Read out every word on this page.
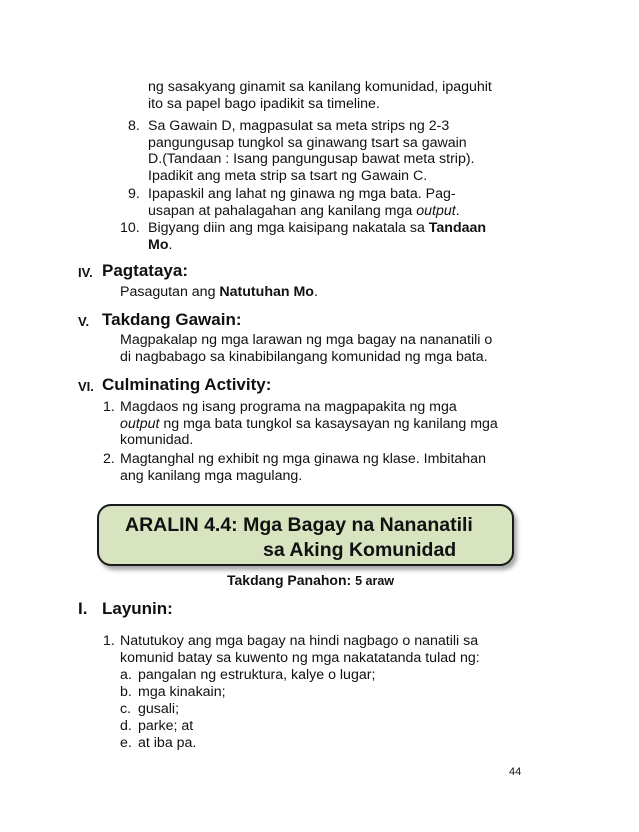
ng sasakyang ginamit sa kanilang komunidad, ipaguhit
ito sa papel bago ipadikit sa timeline.
8. Sa Gawain D, magpasulat sa meta strips ng 2-3
pangungusap tungkol sa ginawang tsart sa gawain
D.(Tandaan : Isang pangungusap bawat meta strip).
Ipadikit ang meta strip sa tsart ng Gawain C.
9. Ipapaskil ang lahat ng ginawa ng mga bata. Pag-
usapan at pahalagahan ang kanilang mga output.
10. Bigyang diin ang mga kaisipang nakatala sa Tandaan
Mo.
IV. Pagtataya:
Pasagutan ang Natutuhan Mo.
V. Takdang Gawain:
Magpakalap ng mga larawan ng mga bagay na nananatili o
di nagbabago sa kinabibilangang komunidad ng mga bata.
VI. Culminating Activity:
1. Magdaos ng isang programa na magpapakita ng mga
output ng mga bata tungkol sa kasaysayan ng kanilang mga
komunidad.
2. Magtanghal ng exhibit ng mga ginawa ng klase. Imbitahan
ang kanilang mga magulang.
ARALIN 4.4: Mga Bagay na Nananatili
sa Aking Komunidad
Takdang Panahon: 5 araw
I. Layunin:
1. Natutukoy ang mga bagay na hindi nagbago o nanatili sa
komunid batay sa kuwento ng mga nakatatanda tulad ng:
a. pangalan ng estruktura, kalye o lugar;
b. mga kinakain;
c. gusali;
d. parke; at
e. at iba pa.
44
